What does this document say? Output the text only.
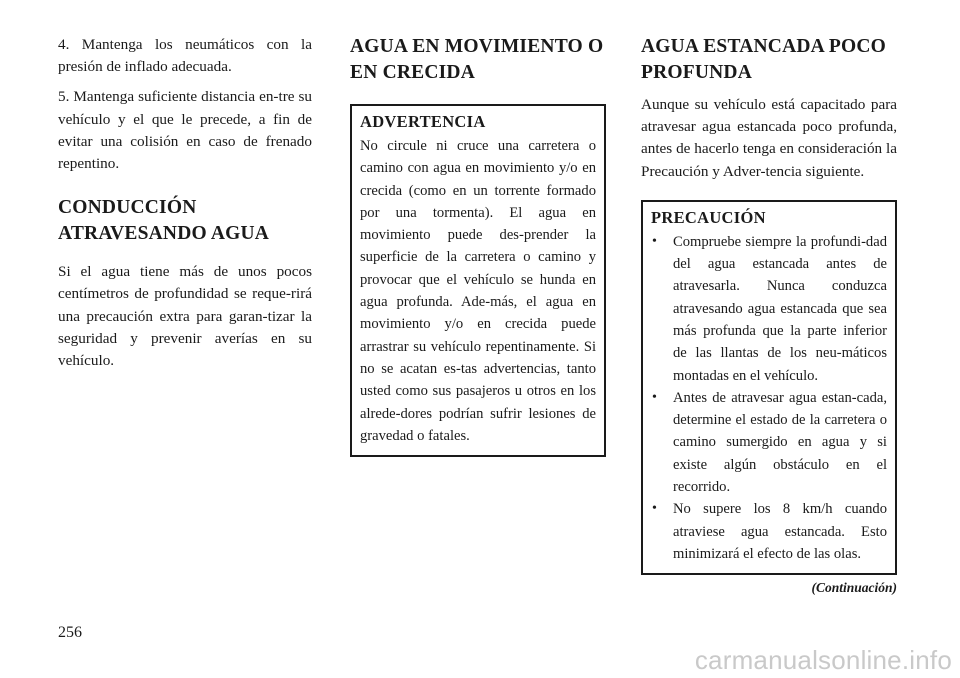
4. Mantenga los neumáticos con la presión de inflado adecuada.

5. Mantenga suficiente distancia en-tre su vehículo y el que le precede, a fin de evitar una colisión en caso de frenado repentino.

CONDUCCIÓN
ATRAVESANDO AGUA

Si el agua tiene más de unos pocos centímetros de profundidad se reque-rirá una precaución extra para garan-tizar la seguridad y prevenir averías en su vehículo.

AGUA EN MOVIMIENTO O
EN CRECIDA
ADVERTENCIA

No circule ni cruce una carretera o camino con agua en movimiento y/o en crecida (como en un torrente formado por una tormenta). El agua en movimiento puede des-prender la superficie de la carretera o camino y provocar que el vehículo se hunda en agua profunda. Ade-más, el agua en movimiento y/o en crecida puede arrastrar su vehículo repentinamente. Si no se acatan es-tas advertencias, tanto usted como sus pasajeros u otros en los alrede-dores podrían sufrir lesiones de gravedad o fatales.

AGUA ESTANCADA POCO
PROFUNDA

Aunque su vehículo está capacitado para atravesar agua estancada poco profunda, antes de hacerlo tenga en consideración la Precaución y Adver-tencia siguiente.

PRECAUCIÓN
• Compruebe siempre la profundi-dad del agua estancada antes de atravesarla. Nunca conduzca atravesando agua estancada que sea más profunda que la parte inferior de las llantas de los neu-máticos montadas en el vehículo.
• Antes de atravesar agua estan-cada, determine el estado de la carretera o camino sumergido en agua y si existe algún obstáculo en el recorrido.
• No supere los 8 km/h cuando atraviese agua estancada. Esto minimizará el efecto de las olas.
(Continuación)
256
carmanualsonline.info
